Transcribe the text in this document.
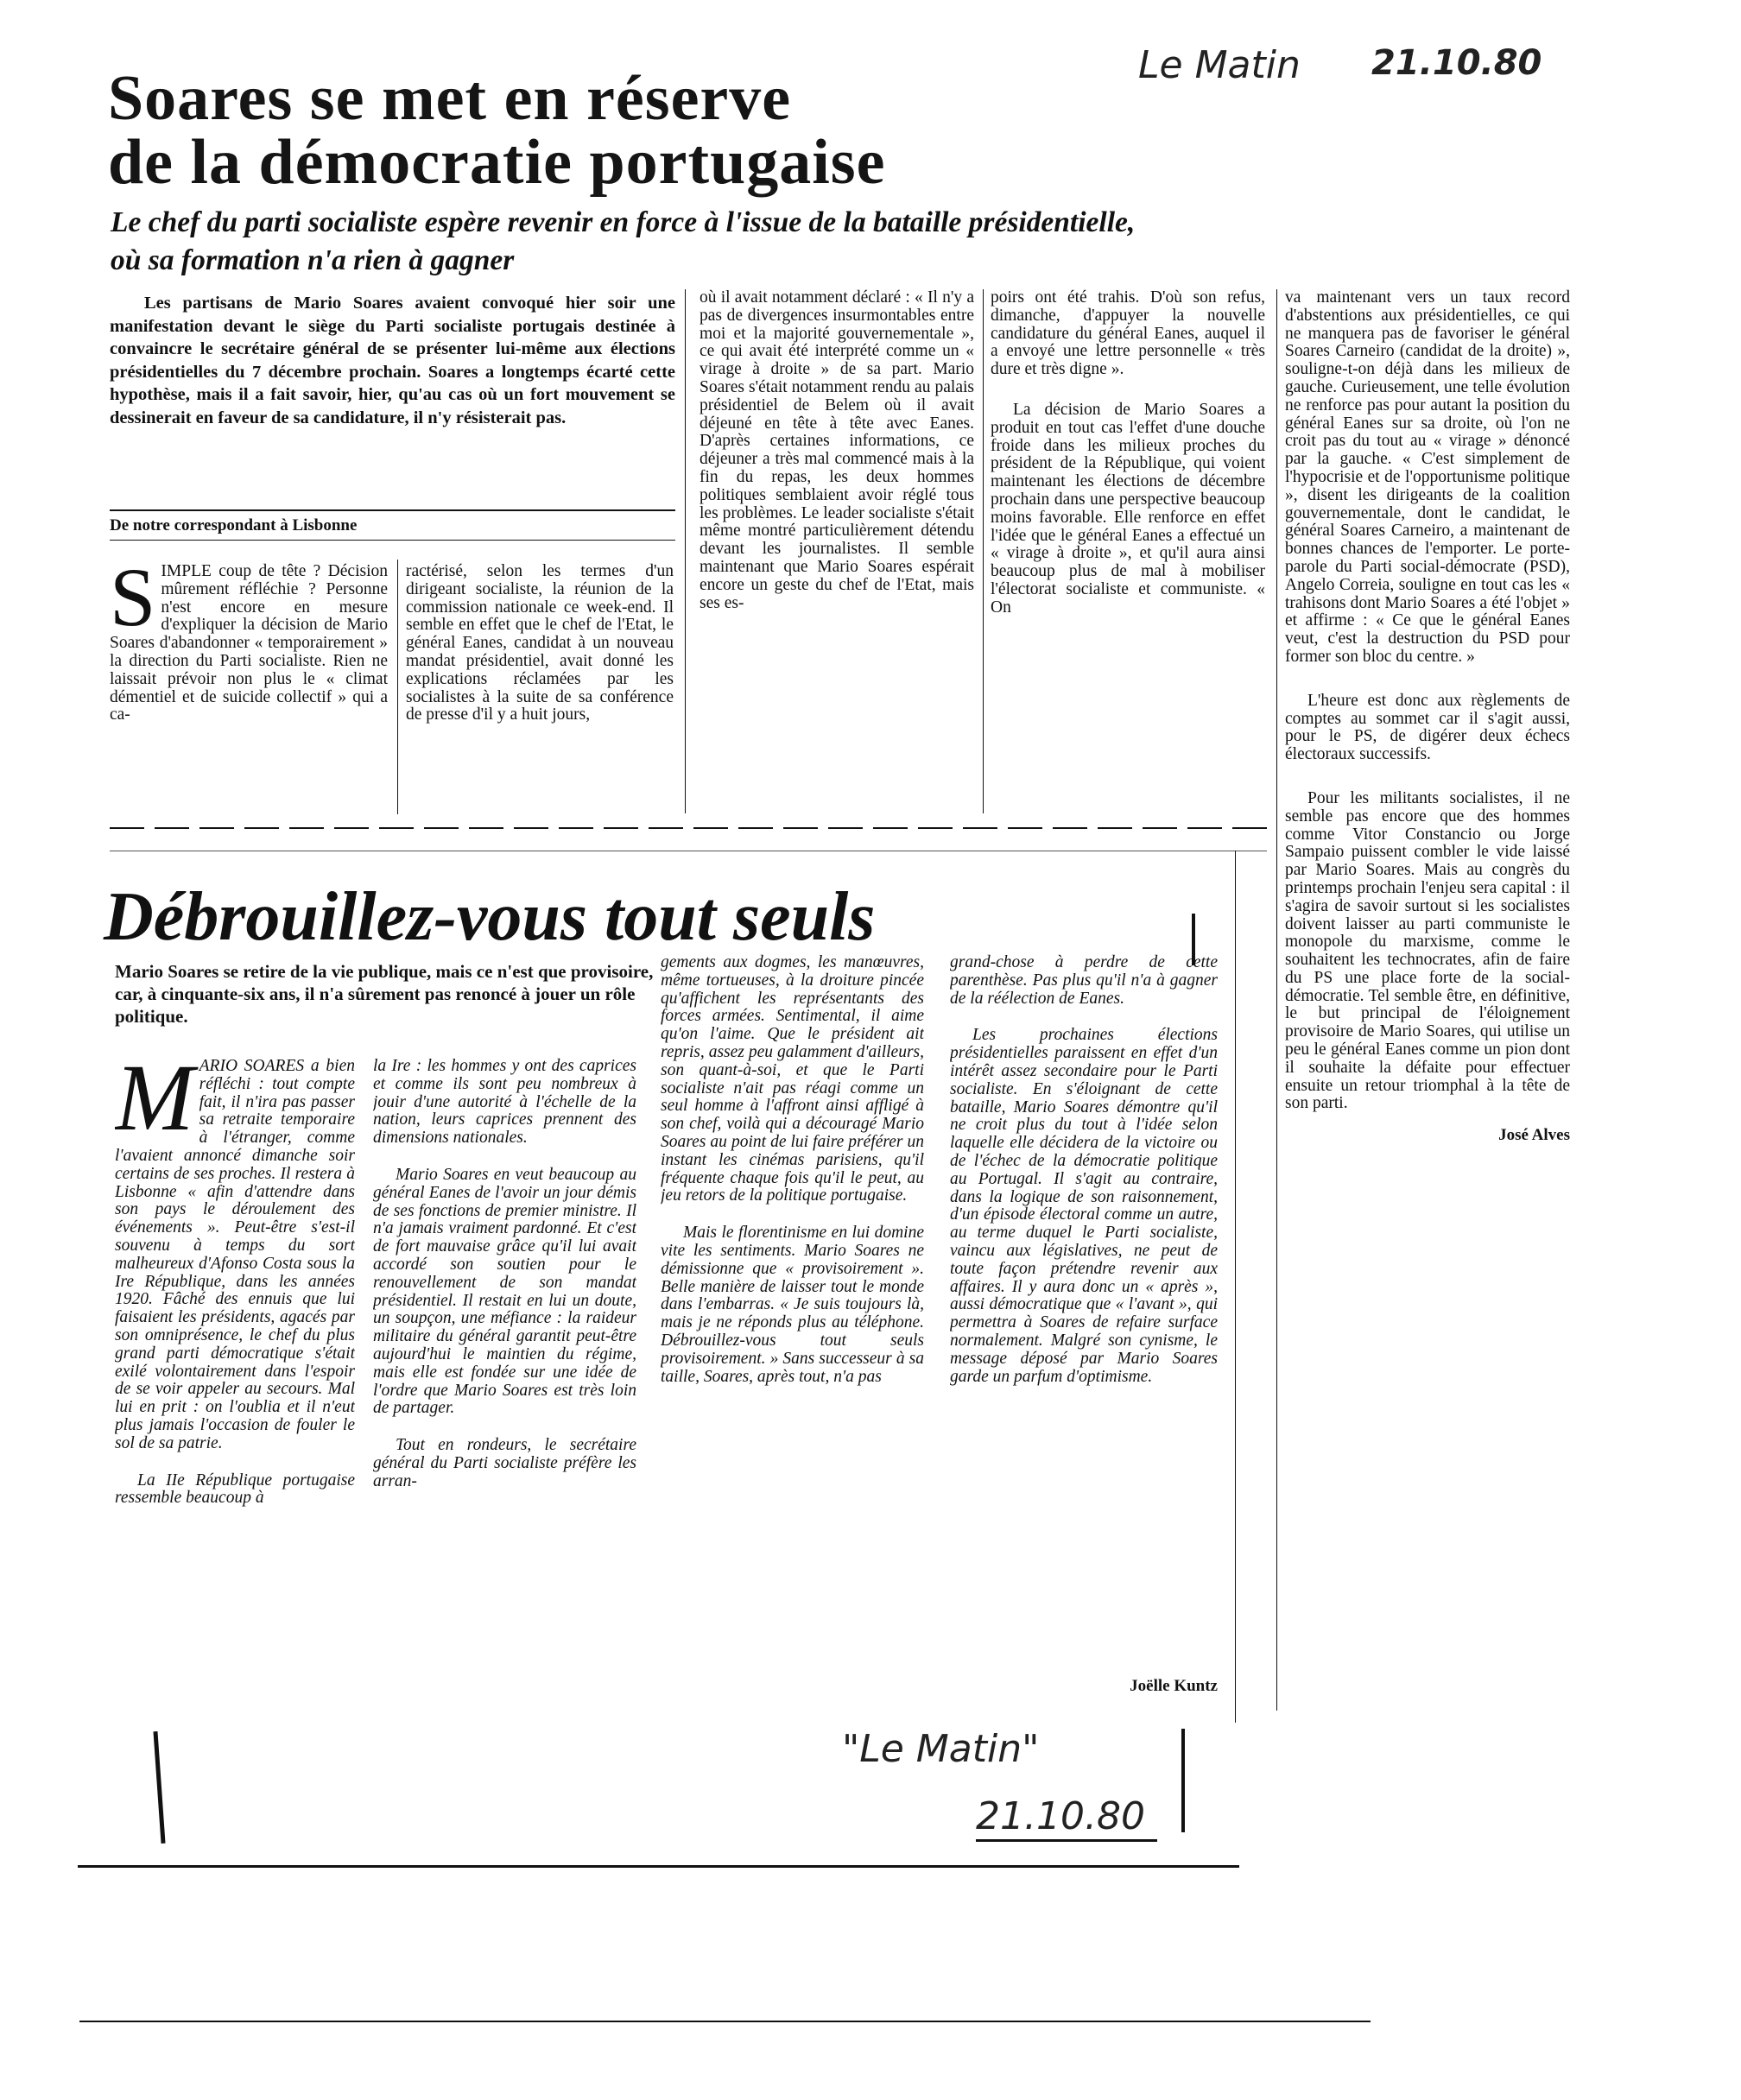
Le Matin 21.10.80
Soares se met en réserve
de la démocratie portugaise
Le chef du parti socialiste espère revenir en force à l'issue de la bataille présidentielle,
où sa formation n'a rien à gagner
Les partisans de Mario Soares avaient convoqué hier soir une manifestation devant le siège du Parti socialiste portugais destinée à convaincre le secrétaire général de se présenter lui-même aux élections présidentielles du 7 décembre prochain. Soares a longtemps écarté cette hypothèse, mais il a fait savoir, hier, qu'au cas où un fort mouvement se dessinerait en faveur de sa candidature, il n'y résisterait pas.
De notre correspondant à Lisbonne
S IMPLE coup de tête ? Décision mûrement réfléchie ? Personne n'est encore en mesure d'expliquer la décision de Mario Soares d'abandonner « temporairement » la direction du Parti socialiste. Rien ne laissait prévoir non plus le « climat démentiel et de suicide collectif » qui a ca-
ractérisé, selon les termes d'un dirigeant socialiste, la réunion de la commission nationale ce week-end. Il semble en effet que le chef de l'Etat, le général Eanes, candidat à un nouveau mandat présidentiel, avait donné les explications réclamées par les socialistes à la suite de sa conférence de presse d'il y a huit jours,
où il avait notamment déclaré : « Il n'y a pas de divergences insurmontables entre moi et la majorité gouvernementale », ce qui avait été interprété comme un « virage à droite » de sa part. Mario Soares s'était notamment rendu au palais présidentiel de Belem où il avait déjeuné en tête à tête avec Eanes. D'après certaines informations, ce déjeuner a très mal commencé mais à la fin du repas, les deux hommes politiques semblaient avoir réglé tous les problèmes. Le leader socialiste s'était même montré particulièrement détendu devant les journalistes. Il semble maintenant que Mario Soares espérait encore un geste du chef de l'Etat, mais ses es-

poirs ont été trahis. D'où son refus, dimanche, d'appuyer la nouvelle candidature du général Eanes, auquel il a envoyé une lettre personnelle « très dure et très digne ».

La décision de Mario Soares a produit en tout cas l'effet d'une douche froide dans les milieux proches du président de la République, qui voient maintenant les élections de décembre prochain dans une perspective beaucoup moins favorable. Elle renforce en effet l'idée que le général Eanes a effectué un « virage à droite », et qu'il aura ainsi beaucoup plus de mal à mobiliser l'électorat socialiste et communiste. « On

va maintenant vers un taux record d'abstentions aux présidentielles, ce qui ne manquera pas de favoriser le général Soares Carneiro (candidat de la droite) », souligne-t-on déjà dans les milieux de gauche. Curieusement, une telle évolution ne renforce pas pour autant la position du général Eanes sur sa droite, où l'on ne croit pas du tout au « virage » dénoncé par la gauche. « C'est simplement de l'hypocrisie et de l'opportunisme politique », disent les dirigeants de la coalition gouvernementale, dont le candidat, le général Soares Carneiro, a maintenant de bonnes chances de l'emporter. Le porte-parole du Parti social-démocrate (PSD), Angelo Correia, souligne en tout cas les « trahisons dont Mario Soares a été l'objet » et affirme : « Ce que le général Eanes veut, c'est la destruction du PSD pour former son bloc du centre. »

L'heure est donc aux règlements de comptes au sommet car il s'agit aussi, pour le PS, de digérer deux échecs électoraux successifs.

Pour les militants socialistes, il ne semble pas encore que des hommes comme Vitor Constancio ou Jorge Sampaio puissent combler le vide laissé par Mario Soares. Mais au congrès du printemps prochain l'enjeu sera capital : il s'agira de savoir surtout si les socialistes doivent laisser au parti communiste le monopole du marxisme, comme le souhaitent les technocrates, afin de faire du PS une place forte de la social-démocratie. Tel semble être, en définitive, le but principal de l'éloignement provisoire de Mario Soares, qui utilise un peu le général Eanes comme un pion dont il souhaite la défaite pour effectuer ensuite un retour triomphal à la tête de son parti.

José Alves

Débrouillez-vous tout seuls
Mario Soares se retire de la vie publique, mais ce n'est que provisoire, car, à cinquante-six ans, il n'a sûrement pas renoncé à jouer un rôle politique.
M ARIO SOARES a bien réfléchi : tout compte fait, il n'ira pas passer sa retraite temporaire à l'étranger, comme l'avaient annoncé dimanche soir certains de ses proches. Il restera à Lisbonne « afin d'attendre dans son pays le déroulement des événements ». Peut-être s'est-il souvenu à temps du sort malheureux d'Afonso Costa sous la Ire République, dans les années 1920. Fâché des ennuis que lui faisaient les présidents, agacés par son omniprésence, le chef du plus grand parti démocratique s'était exilé volontairement dans l'espoir de se voir appeler au secours. Mal lui en prit : on l'oublia et il n'eut plus jamais l'occasion de fouler le sol de sa patrie.

La IIe République portugaise ressemble beaucoup à

la Ire : les hommes y ont des caprices et comme ils sont peu nombreux à jouir d'une autorité à l'échelle de la nation, leurs caprices prennent des dimensions nationales.

Mario Soares en veut beaucoup au général Eanes de l'avoir un jour démis de ses fonctions de premier ministre. Il n'a jamais vraiment pardonné. Et c'est de fort mauvaise grâce qu'il lui avait accordé son soutien pour le renouvellement de son mandat présidentiel. Il restait en lui un doute, un soupçon, une méfiance : la raideur militaire du général garantit peut-être aujourd'hui le maintien du régime, mais elle est fondée sur une idée de l'ordre que Mario Soares est très loin de partager.

Tout en rondeurs, le secrétaire général du Parti socialiste préfère les arran-

gements aux dogmes, les manœuvres, même tortueuses, à la droiture pincée qu'affichent les représentants des forces armées. Sentimental, il aime qu'on l'aime. Que le président ait repris, assez peu galamment d'ailleurs, son quant-à-soi, et que le Parti socialiste n'ait pas réagi comme un seul homme à l'affront ainsi affligé à son chef, voilà qui a découragé Mario Soares au point de lui faire préférer un instant les cinémas parisiens, qu'il fréquente chaque fois qu'il le peut, au jeu retors de la politique portugaise.

Mais le florentinisme en lui domine vite les sentiments. Mario Soares ne démissionne que « provisoirement ». Belle manière de laisser tout le monde dans l'embarras. « Je suis toujours là, mais je ne réponds plus au téléphone. Débrouillez-vous tout seuls provisoirement. » Sans successeur à sa taille, Soares, après tout, n'a pas

grand-chose à perdre de cette parenthèse. Pas plus qu'il n'a à gagner de la réélection de Eanes.

Les prochaines élections présidentielles paraissent en effet d'un intérêt assez secondaire pour le Parti socialiste. En s'éloignant de cette bataille, Mario Soares démontre qu'il ne croit plus du tout à l'idée selon laquelle elle décidera de la victoire ou de l'échec de la démocratie politique au Portugal. Il s'agit au contraire, dans la logique de son raisonnement, d'un épisode électoral comme un autre, au terme duquel le Parti socialiste, vaincu aux législatives, ne peut de toute façon prétendre revenir aux affaires. Il y aura donc un « après », aussi démocratique que « l'avant », qui permettra à Soares de refaire surface normalement. Malgré son cynisme, le message déposé par Mario Soares garde un parfum d'optimisme.

Joëlle Kuntz
"Le Matin"
21.10.80
